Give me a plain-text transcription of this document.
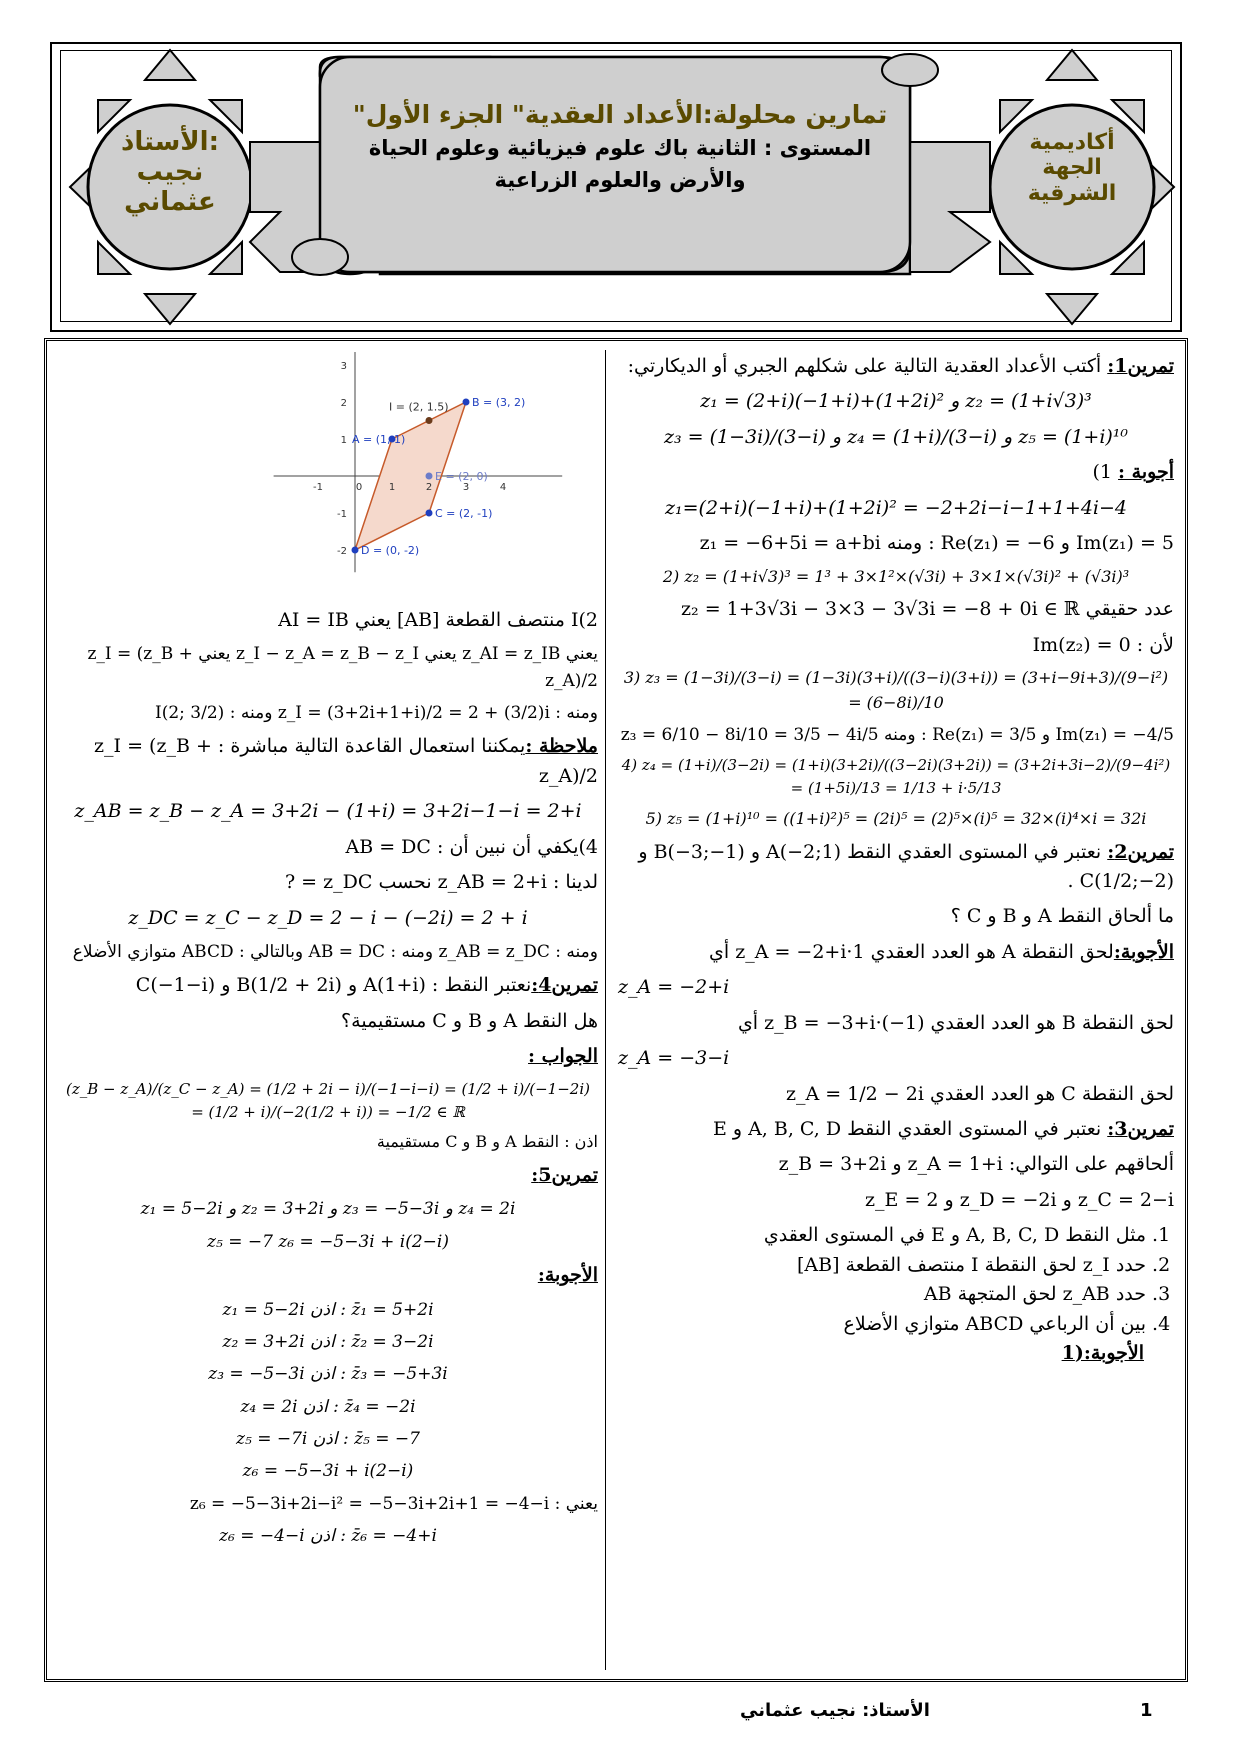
الأستاذ:
نجيب
عثماني
أكاديمية
الجهة
الشرقية
تمارين محلولة:الأعداد العقدية" الجزء الأول"
المستوى : الثانية باك علوم فيزيائية وعلوم الحياة
والأرض والعلوم الزراعية

تمرين1: أكتب الأعداد العقدية التالية على شكلهم الجبري أو الديكارتي:

z₁ = (2+i)(−1+i)+(1+2i)² و z₂ = (1+i√3)³

z₃ = (1−3i)/(3−i) و z₄ = (1+i)/(3−i) و z₅ = (1+i)¹⁰

أجوبة : 1)

z₁=(2+i)(−1+i)+(1+2i)² = −2+2i−i−1+1+4i−4

Im(z₁) = 5 و Re(z₁) = −6 : ومنه z₁ = −6+5i = a+bi

2) z₂ = (1+i√3)³ = 1³ + 3×1²×(√3i) + 3×1×(√3i)² + (√3i)³

عدد حقيقي z₂ = 1+3√3i − 3×3 − 3√3i = −8 + 0i ∈ ℝ

لأن : Im(z₂) = 0

3) z₃ = (1−3i)/(3−i) = (1−3i)(3+i)/((3−i)(3+i)) = (3+i−9i+3)/(9−i²) = (6−8i)/10

Im(z₁) = −4/5 و Re(z₁) = 3/5 : ومنه z₃ = 6/10 − 8i/10 = 3/5 − 4i/5

4) z₄ = (1+i)/(3−2i) = (1+i)(3+2i)/((3−2i)(3+2i)) = (3+2i+3i−2)/(9−4i²) = (1+5i)/13 = 1/13 + i·5/13

5) z₅ = (1+i)¹⁰ = ((1+i)²)⁵ = (2i)⁵ = (2)⁵×(i)⁵ = 32×(i)⁴×i = 32i

تمرين2: نعتبر في المستوى العقدي النقط A(−2;1) و B(−3;−1) و C(1/2;−2) .

ما ألحاق النقط A و B و C ؟

الأجوبة:لحق النقطة A هو العدد العقدي z_A = −2+i·1 أي

z_A = −2+i

لحق النقطة B هو العدد العقدي z_B = −3+i·(−1) أي

z_A = −3−i

لحق النقطة C هو العدد العقدي z_A = 1/2 − 2i

تمرين3: نعتبر في المستوى العقدي النقط A, B, C, D و E

ألحاقهم على التوالي: z_A = 1+i و z_B = 3+2i

z_C = 2−i و z_D = −2i و z_E = 2

1. مثل النقط A, B, C, D و E في المستوى العقدي
2. حدد z_I لحق النقطة I منتصف القطعة [AB]
3. حدد z_AB لحق المتجهة AB
4. بين أن الرباعي ABCD متوازي الأضلاع

الأجوبة:(1

A = (1, 1)
B = (3, 2)
C = (2, -1)
D = (0, -2)
E = (2, 0)
I = (2, 1.5)
-1	0	1	2	3	4
3
2
1
-1
-2

I(2 منتصف القطعة [AB] يعني AI = IB

يعني z_AI = z_IB يعني z_I − z_A = z_B − z_I يعني z_I = (z_B + z_A)/2

ومنه : z_I = (3+2i+1+i)/2 = 2 + (3/2)i ومنه : I(2; 3/2)

ملاحظة :يمكننا استعمال القاعدة التالية مباشرة : z_I = (z_B + z_A)/2

z_AB = z_B − z_A = 3+2i − (1+i) = 3+2i−1−i = 2+i

4)يكفي أن نبين أن : AB = DC

لدينا : z_AB = 2+i نحسب z_DC = ?

z_DC = z_C − z_D = 2 − i − (−2i) = 2 + i

ومنه : z_AB = z_DC ومنه : AB = DC وبالتالي : ABCD متوازي الأضلاع

تمرين4:نعتبر النقط : A(1+i) و B(1/2 + 2i) و C(−1−i)

هل النقط A و B و C مستقيمية؟

الجواب :

(z_B − z_A)/(z_C − z_A) = (1/2 + 2i − i)/(−1−i−i) = (1/2 + i)/(−1−2i) = (1/2 + i)/(−2(1/2 + i)) = −1/2 ∈ ℝ

اذن : النقط A و B و C مستقيمية

تمرين5:

z₁ = 5−2i و z₂ = 3+2i و z₃ = −5−3i و z₄ = 2i

z₅ = −7 z₆ = −5−3i + i(2−i)

الأجوبة:

z₁ = 5−2i اذن : z̄₁ = 5+2i

z₂ = 3+2i اذن : z̄₂ = 3−2i

z₃ = −5−3i اذن : z̄₃ = −5+3i

z₄ = 2i اذن : z̄₄ = −2i

z₅ = −7i اذن : z̄₅ = −7

z₆ = −5−3i + i(2−i)

يعني : z₆ = −5−3i+2i−i² = −5−3i+2i+1 = −4−i

z₆ = −4−i اذن : z̄₆ = −4+i

الأستاذ: نجيب عثماني	1
